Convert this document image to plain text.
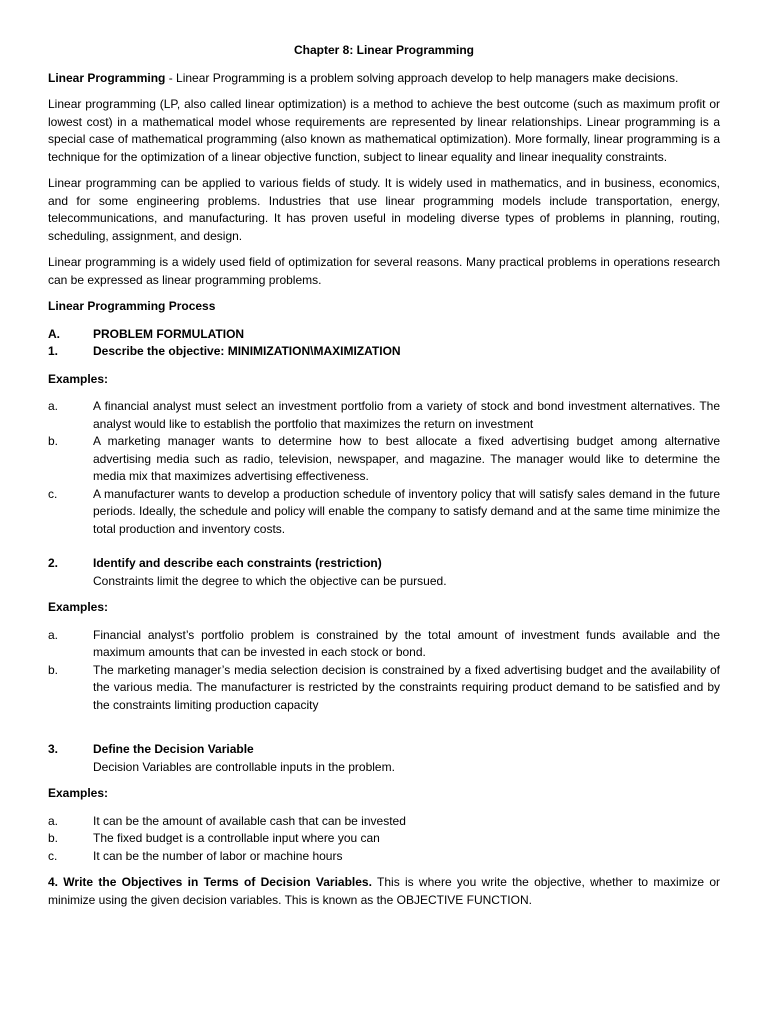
Chapter 8: Linear Programming

Linear Programming - Linear Programming is a problem solving approach develop to help managers make decisions.

Linear programming (LP, also called linear optimization) is a method to achieve the best outcome (such as maximum profit or lowest cost) in a mathematical model whose requirements are represented by linear relationships. Linear programming is a special case of mathematical programming (also known as mathematical optimization). More formally, linear programming is a technique for the optimization of a linear objective function, subject to linear equality and linear inequality constraints.

Linear programming can be applied to various fields of study. It is widely used in mathematics, and in business, economics, and for some engineering problems. Industries that use linear programming models include transportation, energy, telecommunications, and manufacturing. It has proven useful in modeling diverse types of problems in planning, routing, scheduling, assignment, and design.

Linear programming is a widely used field of optimization for several reasons. Many practical problems in operations research can be expressed as linear programming problems.

Linear Programming Process
A.	PROBLEM FORMULATION
1.	Describe the objective: MINIMIZATION\MAXIMIZATION
Examples:
a.	A financial analyst must select an investment portfolio from a variety of stock and bond investment alternatives. The analyst would like to establish the portfolio that maximizes the return on investment
b.	A marketing manager wants to determine how to best allocate a fixed advertising budget among alternative advertising media such as radio, television, newspaper, and magazine. The manager would like to determine the media mix that maximizes advertising effectiveness.
c.	A manufacturer wants to develop a production schedule of inventory policy that will satisfy sales demand in the future periods. Ideally, the schedule and policy will enable the company to satisfy demand and at the same time minimize the total production and inventory costs.
2.	Identify and describe each constraints (restriction)
Constraints limit the degree to which the objective can be pursued.
Examples:
a.	Financial analyst’s portfolio problem is constrained by the total amount of investment funds available and the maximum amounts that can be invested in each stock or bond.
b.	The marketing manager’s media selection decision is constrained by a fixed advertising budget and the availability of the various media. The manufacturer is restricted by the constraints requiring product demand to be satisfied and by the constraints limiting production capacity
3.	Define the Decision Variable
Decision Variables are controllable inputs in the problem.
Examples:
a.	It can be the amount of available cash that can be invested
b.	The fixed budget is a controllable input where you can
c.	It can be the number of labor or machine hours

4. Write the Objectives in Terms of Decision Variables. This is where you write the objective, whether to maximize or minimize using the given decision variables. This is known as the OBJECTIVE FUNCTION.
